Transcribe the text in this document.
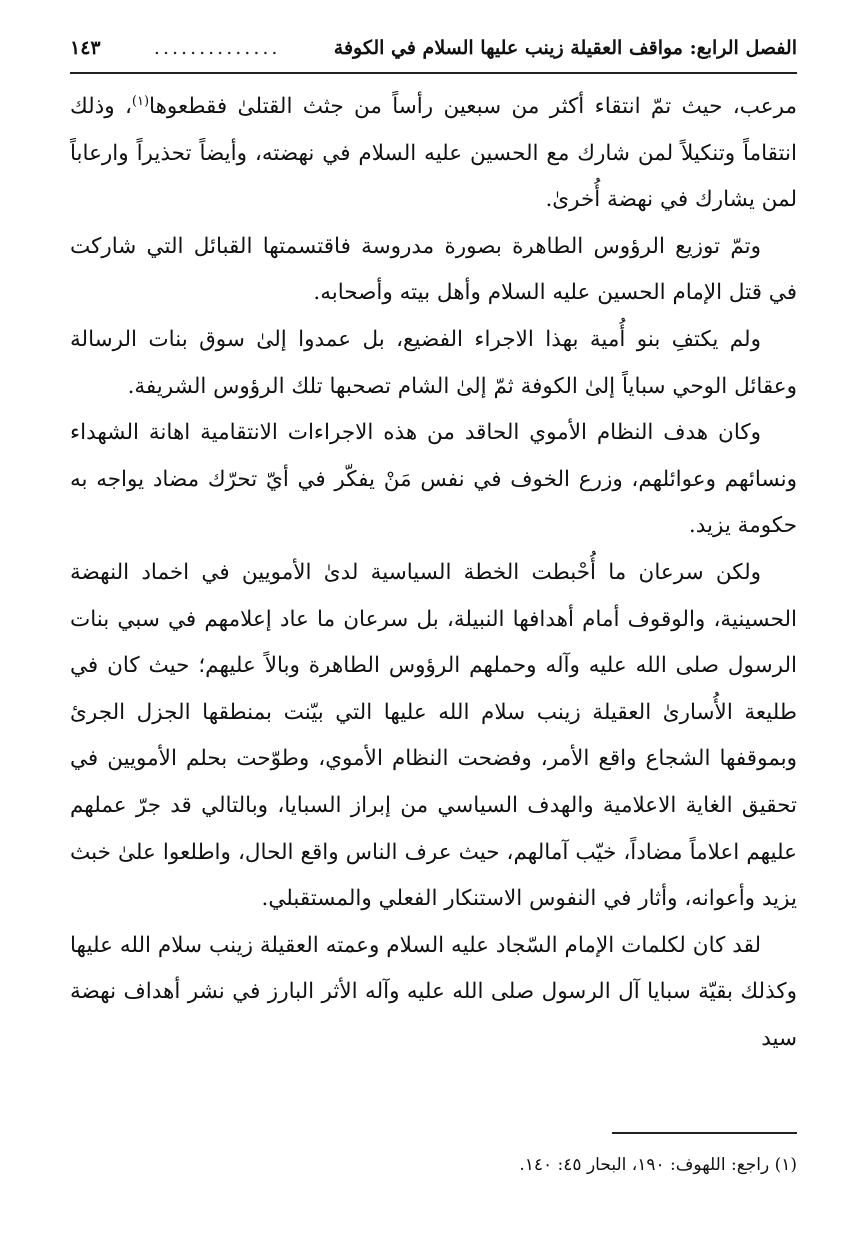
الفصل الرابع: مواقف العقيلة زينب عليها السلام في الكوفة
..............
١٤٣

مرعب، حيث تمّ انتقاء أكثر من سبعين رأساً من جثث القتلىٰ فقطعوها$^{(١)}$، وذلك انتقاماً وتنكيلاً لمن شارك مع الحسين عليه السلام في نهضته، وأيضاً تحذيراً وارعاباً لمن يشارك في نهضة أُخرىٰ.

وتمّ توزيع الرؤوس الطاهرة بصورة مدروسة فاقتسمتها القبائل التي شاركت في قتل الإمام الحسين عليه السلام وأهل بيته وأصحابه.

ولم يكتفِ بنو أُمية بهذا الاجراء الفضيع، بل عمدوا إلىٰ سوق بنات الرسالة وعقائل الوحي سباياً إلىٰ الكوفة ثمّ إلىٰ الشام تصحبها تلك الرؤوس الشريفة.

وكان هدف النظام الأموي الحاقد من هذه الاجراءات الانتقامية اهانة الشهداء ونسائهم وعوائلهم، وزرع الخوف في نفس مَنْ يفكّر في أيّ تحرّك مضاد يواجه به حكومة يزيد.

ولكن سرعان ما أُحْبطت الخطة السياسية لدىٰ الأمويين في اخماد النهضة الحسينية، والوقوف أمام أهدافها النبيلة، بل سرعان ما عاد إعلامهم في سبي بنات الرسول صلى الله عليه وآله وحملهم الرؤوس الطاهرة وبالاً عليهم؛ حيث كان في طليعة الأُسارىٰ العقيلة زينب سلام الله عليها التي بيّنت بمنطقها الجزل الجرئ وبموقفها الشجاع واقع الأمر، وفضحت النظام الأموي، وطوّحت بحلم الأمويين في تحقيق الغاية الاعلامية والهدف السياسي من إبراز السبايا، وبالتالي قد جرّ عملهم عليهم اعلاماً مضاداً، خيّب آمالهم، حيث عرف الناس واقع الحال، واطلعوا علىٰ خبث يزيد وأعوانه، وأثار في النفوس الاستنكار الفعلي والمستقبلي.

لقد كان لكلمات الإمام السّجاد عليه السلام وعمته العقيلة زينب سلام الله عليها وكذلك بقيّة سبايا آل الرسول صلى الله عليه وآله الأثر البارز في نشر أهداف نهضة سيد

(١) راجع: اللهوف: ١٩٠، البحار ٤٥: ١٤٠.
